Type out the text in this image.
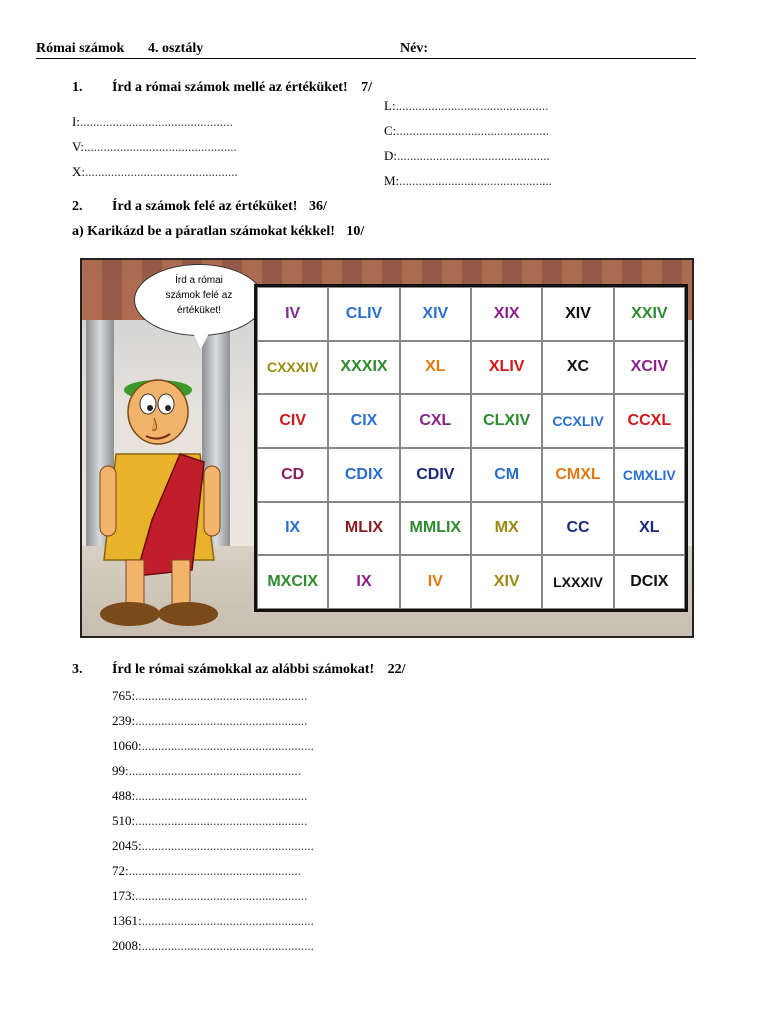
Római számok 4. osztály	Név:
1. Írd a római számok mellé az értéküket! 7/
I:...............................................
V:...............................................
X:...............................................
L:...............................................
C:...............................................
D:...............................................
M:...............................................
2. Írd a számok felé az értéküket! 36/
a) Karikázd be a páratlan számokat kékkel! 10/
Írd a római
számok felé az
értéküket!	IV	CLIV	XIV	XIX	XIV	XXIV
CXXXIV	XXXIX	XL	XLIV	XC	XCIV
CIV	CIX	CXL	CLXIV	CCXLIV	CCXL
CD	CDIX	CDIV	CM	CMXL	CMXLIV
IX	MLIX	MMLIX	MX	CC	XL
MXCIX	IX	IV	XIV	LXXXIV	DCIX
3. Írd le római számokkal az alábbi számokat! 22/
765:.....................................................
239:.....................................................
1060:.....................................................
99:.....................................................
488:.....................................................
510:.....................................................
2045:.....................................................
72:.....................................................
173:.....................................................
1361:.....................................................
2008:.....................................................
